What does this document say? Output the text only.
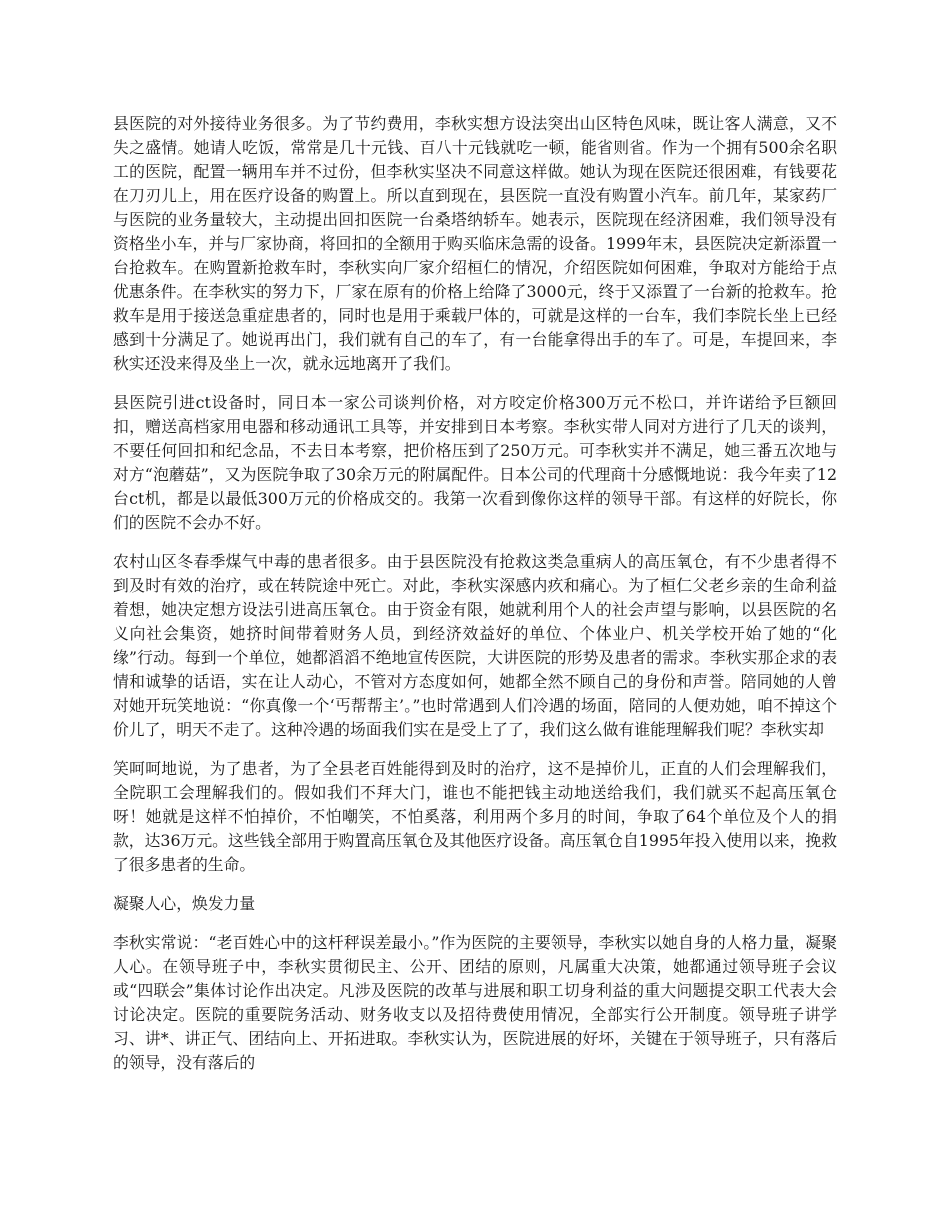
县医院的对外接待业务很多。为了节约费用，李秋实想方设法突出山区特色风味，既让客人满意，又不失之盛情。她请人吃饭，常常是几十元钱、百八十元钱就吃一顿，能省则省。作为一个拥有500余名职工的医院，配置一辆用车并不过份，但李秋实坚决不同意这样做。她认为现在医院还很困难，有钱要花在刀刃儿上，用在医疗设备的购置上。所以直到现在，县医院一直没有购置小汽车。前几年，某家药厂与医院的业务量较大，主动提出回扣医院一台桑塔纳轿车。她表示，医院现在经济困难，我们领导没有资格坐小车，并与厂家协商，将回扣的全额用于购买临床急需的设备。1999年末，县医院决定新添置一台抢救车。在购置新抢救车时，李秋实向厂家介绍桓仁的情况，介绍医院如何困难，争取对方能给于点优惠条件。在李秋实的努力下，厂家在原有的价格上给降了3000元，终于又添置了一台新的抢救车。抢救车是用于接送急重症患者的，同时也是用于乘载尸体的，可就是这样的一台车，我们李院长坐上已经感到十分满足了。她说再出门，我们就有自己的车了，有一台能拿得出手的车了。可是，车提回来，李秋实还没来得及坐上一次，就永远地离开了我们。

县医院引进ct设备时，同日本一家公司谈判价格，对方咬定价格300万元不松口，并许诺给予巨额回扣，赠送高档家用电器和移动通讯工具等，并安排到日本考察。李秋实带人同对方进行了几天的谈判，不要任何回扣和纪念品，不去日本考察，把价格压到了250万元。可李秋实并不满足，她三番五次地与对方“泡蘑菇”，又为医院争取了30余万元的附属配件。日本公司的代理商十分感慨地说：我今年卖了12台ct机，都是以最低300万元的价格成交的。我第一次看到像你这样的领导干部。有这样的好院长，你们的医院不会办不好。

农村山区冬春季煤气中毒的患者很多。由于县医院没有抢救这类急重病人的高压氧仓，有不少患者得不到及时有效的治疗，或在转院途中死亡。对此，李秋实深感内疚和痛心。为了桓仁父老乡亲的生命利益着想，她决定想方设法引进高压氧仓。由于资金有限，她就利用个人的社会声望与影响，以县医院的名义向社会集资，她挤时间带着财务人员，到经济效益好的单位、个体业户、机关学校开始了她的“化缘”行动。每到一个单位，她都滔滔不绝地宣传医院，大讲医院的形势及患者的需求。李秋实那企求的表情和诚挚的话语，实在让人动心，不管对方态度如何，她都全然不顾自己的身份和声誉。陪同她的人曾对她开玩笑地说：“你真像一个‘丐帮帮主’。”也时常遇到人们冷遇的场面，陪同的人便劝她，咱不掉这个价儿了，明天不走了。这种冷遇的场面我们实在是受上了了，我们这么做有谁能理解我们呢？李秋实却

笑呵呵地说，为了患者，为了全县老百姓能得到及时的治疗，这不是掉价儿，正直的人们会理解我们，全院职工会理解我们的。假如我们不拜大门，谁也不能把钱主动地送给我们，我们就买不起高压氧仓呀！她就是这样不怕掉价，不怕嘲笑，不怕奚落，利用两个多月的时间，争取了64个单位及个人的捐款，达36万元。这些钱全部用于购置高压氧仓及其他医疗设备。高压氧仓自1995年投入使用以来，挽救了很多患者的生命。

凝聚人心，焕发力量

李秋实常说：“老百姓心中的这杆秤误差最小。”作为医院的主要领导，李秋实以她自身的人格力量，凝聚人心。在领导班子中，李秋实贯彻民主、公开、团结的原则，凡属重大决策，她都通过领导班子会议或“四联会”集体讨论作出决定。凡涉及医院的改革与进展和职工切身利益的重大问题提交职工代表大会讨论决定。医院的重要院务活动、财务收支以及招待费使用情况，全部实行公开制度。领导班子讲学习、讲*、讲正气、团结向上、开拓进取。李秋实认为，医院进展的好坏，关键在于领导班子，只有落后的领导，没有落后的
